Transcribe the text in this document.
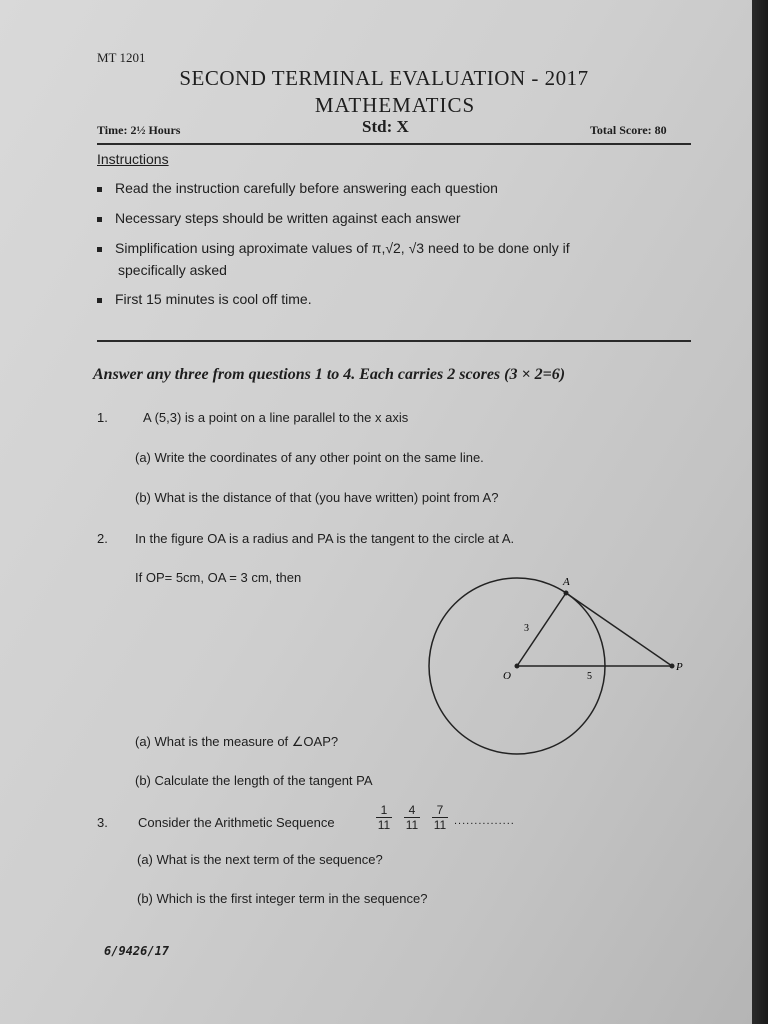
MT 1201
SECOND TERMINAL EVALUATION - 2017
MATHEMATICS
Time: 2½ Hours	Std: X	Total Score: 80
Instructions
Read the instruction carefully before answering each question
Necessary steps should be written against each answer
Simplification using aproximate values of π,√2, √3 need to be done only if
specifically asked
First 15 minutes is cool off time.
Answer any three from questions 1 to 4. Each carries 2 scores (3 × 2=6)
1.	A (5,3) is a point on a line parallel to the x axis
(a) Write the coordinates of any other point on the same line.
(b) What is the distance of that (you have written) point from A?
2. In the figure OA is a radius and PA is the tangent to the circle at A.
If OP= 5cm, OA = 3 cm, then	A
O
P
3
5
(a) What is the measure of ∠OAP?
(b) Calculate the length of the tangent PA
3. Consider the Arithmetic Sequence	$\frac{1}{11} \frac{4}{11} \frac{7}{11}$ ...............
(a) What is the next term of the sequence?
(b) Which is the first integer term in the sequence?
6/9426/17
